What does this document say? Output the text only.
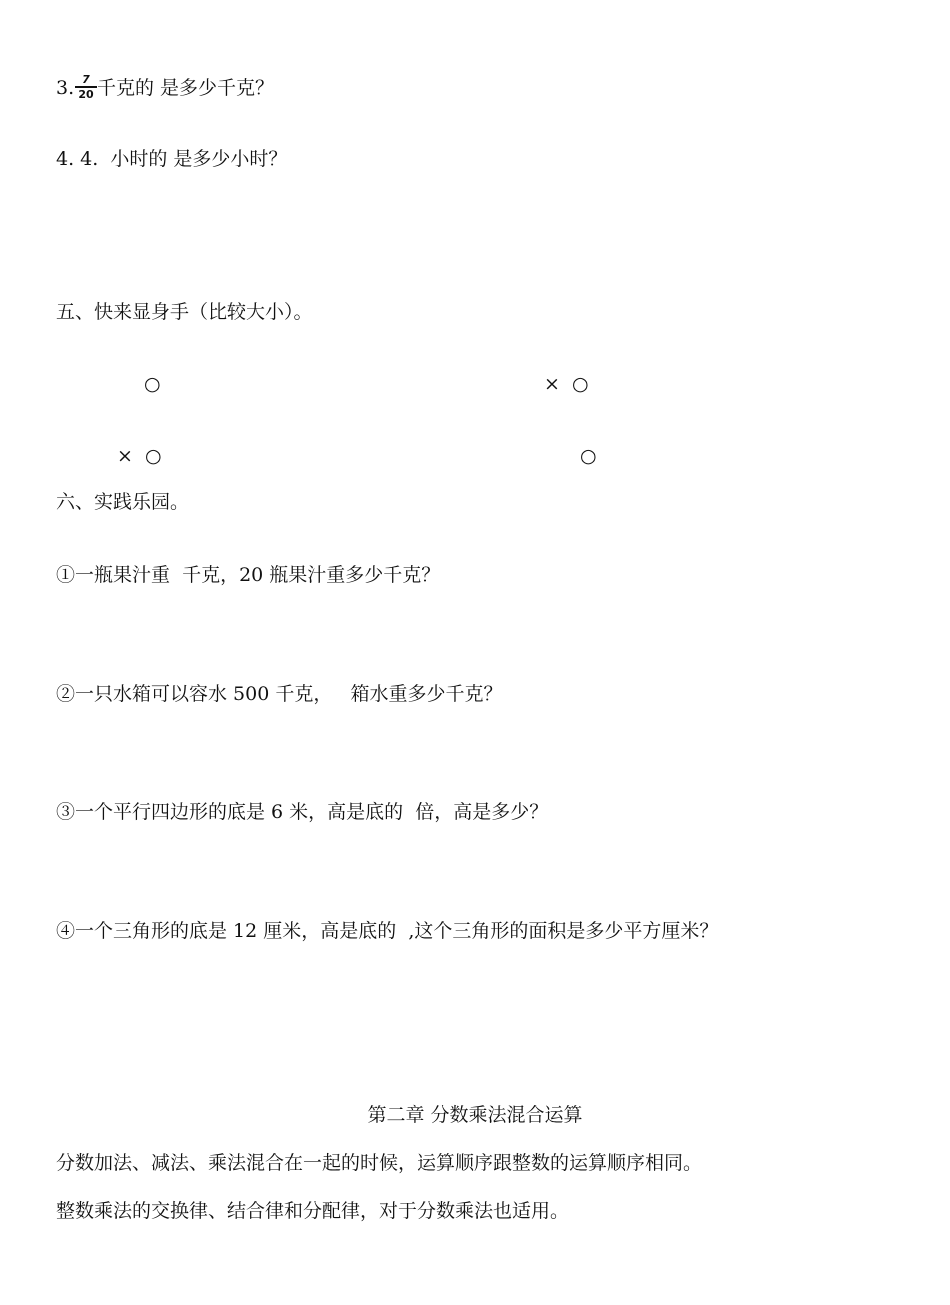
3. 7
20 千克的 是多少千克？
4. 4.  小时的 是多少小时？
五、快来显身手（比较大小）。
○	×  ○
×  ○	○
六、实践乐园。
①一瓶果汁重  千克，20 瓶果汁重多少千克？
②一只水箱可以容水 500 千克，   箱水重多少千克？
③一个平行四边形的底是 6 米，高是底的  倍，高是多少？
④一个三角形的底是 12 厘米，高是底的  ,这个三角形的面积是多少平方厘米？
第二章 分数乘法混合运算
分数加法、减法、乘法混合在一起的时候，运算顺序跟整数的运算顺序相同。
整数乘法的交换律、结合律和分配律，对于分数乘法也适用。
